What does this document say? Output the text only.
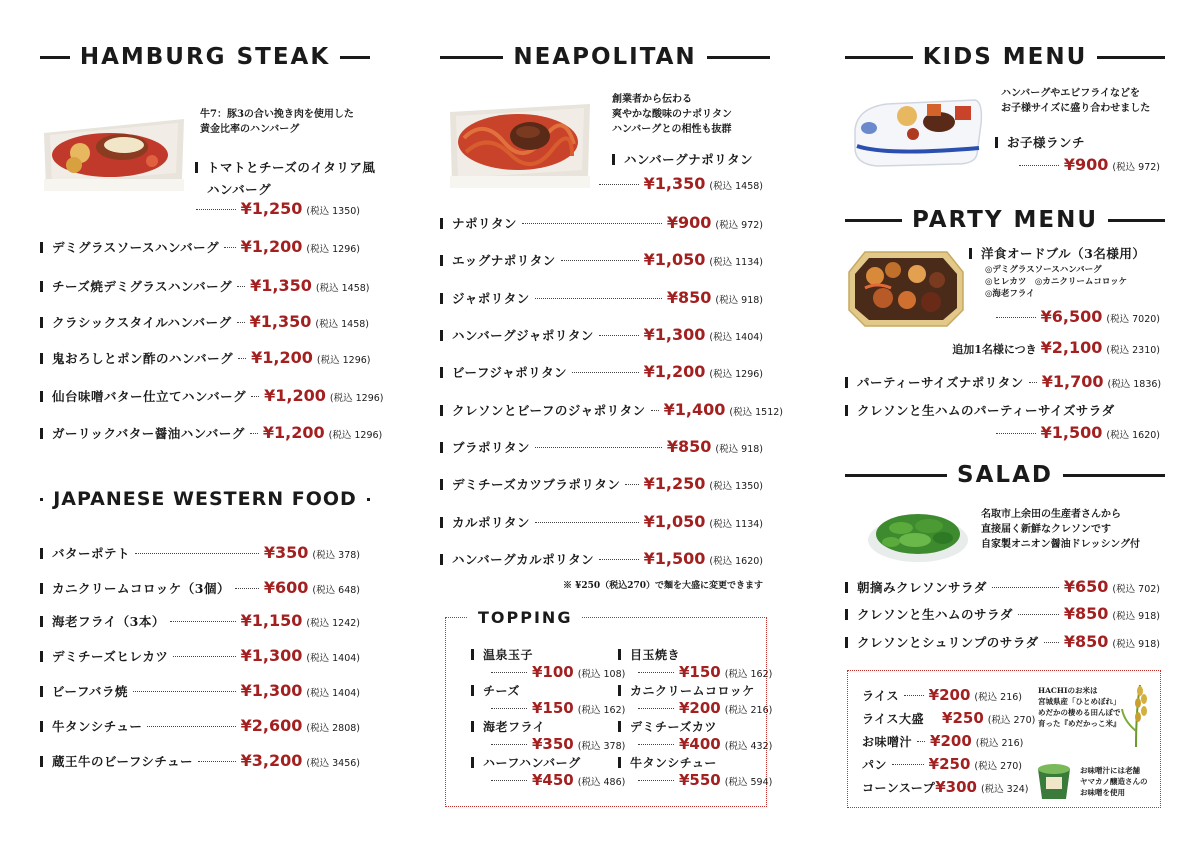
HAMBURG STEAK
牛7：豚3の合い挽き肉を使用した
黄金比率のハンバーグ
トマトとチーズのイタリア風
ハンバーグ
¥1,250 (税込 1350)
デミグラスソースハンバーグ ¥1,200 (税込 1296)
チーズ焼デミグラスハンバーグ ¥1,350 (税込 1458)
クラシックスタイルハンバーグ ¥1,350 (税込 1458)
鬼おろしとポン酢のハンバーグ ¥1,200 (税込 1296)
仙台味噌バター仕立てハンバーグ ¥1,200 (税込 1296)
ガーリックバター醤油ハンバーグ ¥1,200 (税込 1296)
JAPANESE WESTERN FOOD
バターポテト	¥350 (税込 378)
カニクリームコロッケ（3個） ¥600 (税込 648)
海老フライ（3本）	¥1,150 (税込 1242)
デミチーズヒレカツ	¥1,300 (税込 1404)
ビーフバラ焼	¥1,300 (税込 1404)
牛タンシチュー	¥2,600 (税込 2808)
蔵王牛のビーフシチュー	¥3,200 (税込 3456)
NEAPOLITAN
創業者から伝わる
爽やかな酸味のナポリタン
ハンバーグとの相性も抜群
ハンバーグナポリタン
¥1,350 (税込 1458)
ナポリタン	¥900 (税込 972)
エッグナポリタン	¥1,050 (税込 1134)
ジャポリタン	¥850 (税込 918)
ハンバーグジャポリタン	¥1,300 (税込 1404)
ビーフジャポリタン	¥1,200 (税込 1296)
クレソンとビーフのジャポリタン ¥1,400 (税込 1512)
ブラポリタン	¥850 (税込 918)
デミチーズカツブラポリタン ¥1,250 (税込 1350)
カルポリタン	¥1,050 (税込 1134)
ハンバーグカルポリタン	¥1,500 (税込 1620)
※ ¥250（税込270）で麺を大盛に変更できます
TOPPING
温泉玉子
¥100 (税込 108)
チーズ
¥150 (税込 162)
海老フライ
¥350 (税込 378)
ハーフハンバーグ
¥450 (税込 486)
目玉焼き
¥150 (税込 162)
カニクリームコロッケ
¥200 (税込 216)
デミチーズカツ
¥400 (税込 432)
牛タンシチュー
¥550 (税込 594)
KIDS MENU
ハンバーグやエビフライなどを
お子様サイズに盛り合わせました
お子様ランチ
¥900 (税込 972)
PARTY MENU
洋食オードブル（3名様用）
◎デミグラスソースハンバーグ
◎ヒレカツ　◎カニクリームコロッケ
◎海老フライ
¥6,500 (税込 7020)
追加1名様につき ¥2,100 (税込 2310)
パーティーサイズナポリタン ¥1,700 (税込 1836)
クレソンと生ハムのパーティーサイズサラダ
¥1,500 (税込 1620)
SALAD
名取市上余田の生産者さんから
直接届く新鮮なクレソンです
自家製オニオン醤油ドレッシング付
朝摘みクレソンサラダ	¥650 (税込 702)
クレソンと生ハムのサラダ	¥850 (税込 918)
クレソンとシュリンプのサラダ ¥850 (税込 918)
ライス ¥200 (税込 216)
ライス大盛 ¥250 (税込 270)
お味噌汁 ¥200 (税込 216)
パン	¥250 (税込 270)
コーンスープ ¥300 (税込 324)
HACHIのお米は
宮城県産「ひとめぼれ」
めだかの棲める田んぼで
育った『めだかっこ米』
お味噌汁には老舗
ヤマカノ醸造さんの
お味噌を使用
